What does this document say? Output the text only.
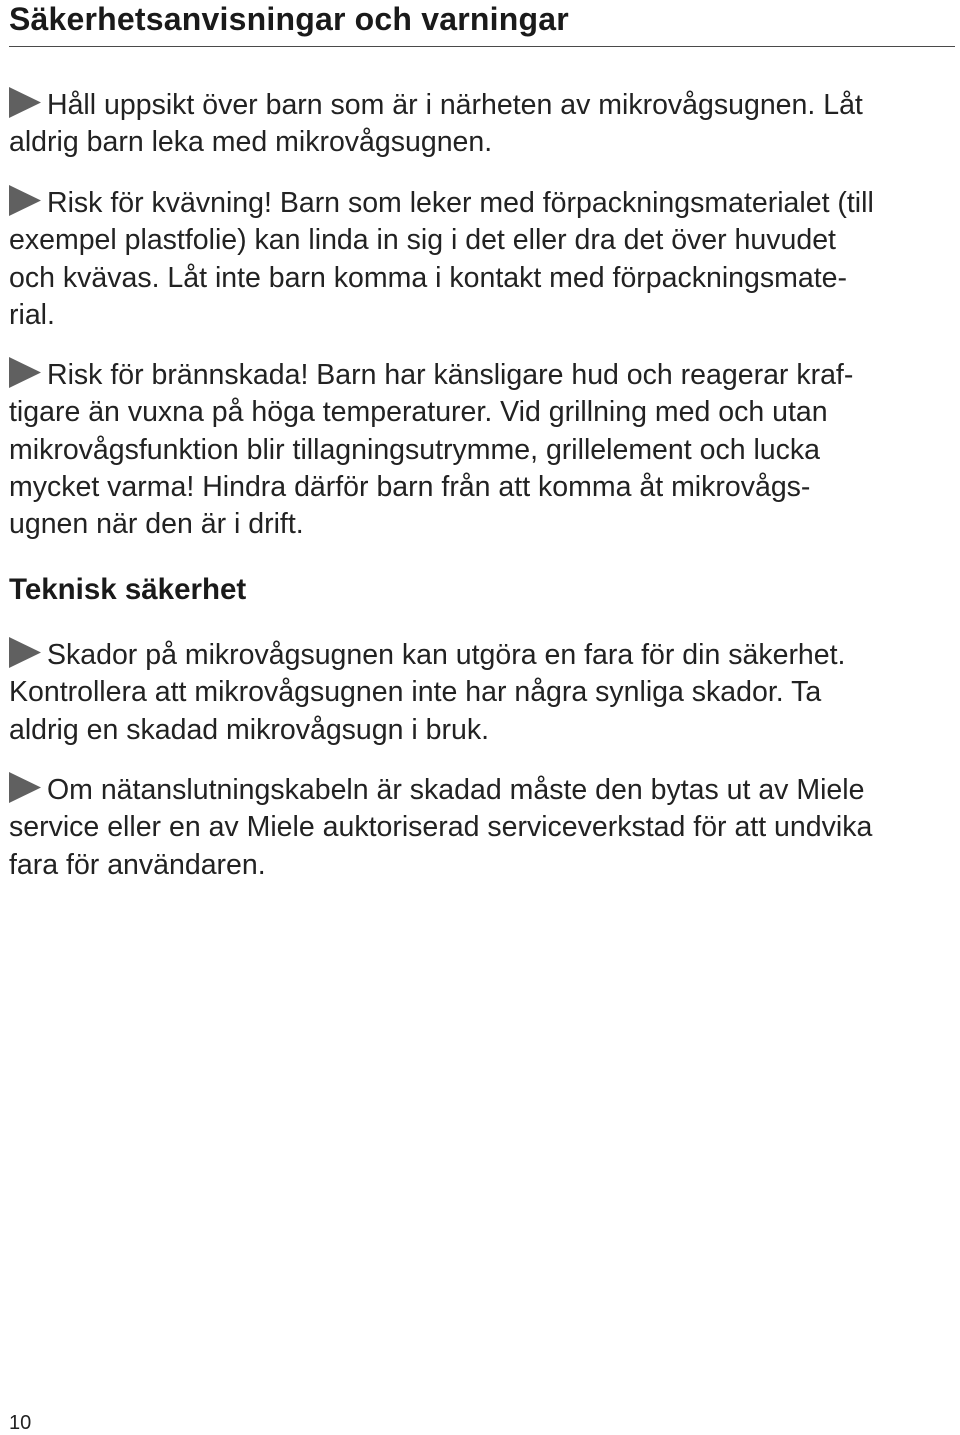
Säkerhetsanvisningar och varningar

Håll uppsikt över barn som är i närheten av mikrovågsugnen. Låt
aldrig barn leka med mikrovågsugnen.

Risk för kvävning! Barn som leker med förpackningsmaterialet (till
exempel plastfolie) kan linda in sig i det eller dra det över huvudet
och kvävas. Låt inte barn komma i kontakt med förpackningsmate-
rial.

Risk för brännskada! Barn har känsligare hud och reagerar kraf-
tigare än vuxna på höga temperaturer. Vid grillning med och utan
mikrovågsfunktion blir tillagningsutrymme, grillelement och lucka
mycket varma! Hindra därför barn från att komma åt mikrovågs-
ugnen när den är i drift.

Teknisk säkerhet

Skador på mikrovågsugnen kan utgöra en fara för din säkerhet.
Kontrollera att mikrovågsugnen inte har några synliga skador. Ta
aldrig en skadad mikrovågsugn i bruk.

Om nätanslutningskabeln är skadad måste den bytas ut av Miele
service eller en av Miele auktoriserad serviceverkstad för att undvika
fara för användaren.

10
